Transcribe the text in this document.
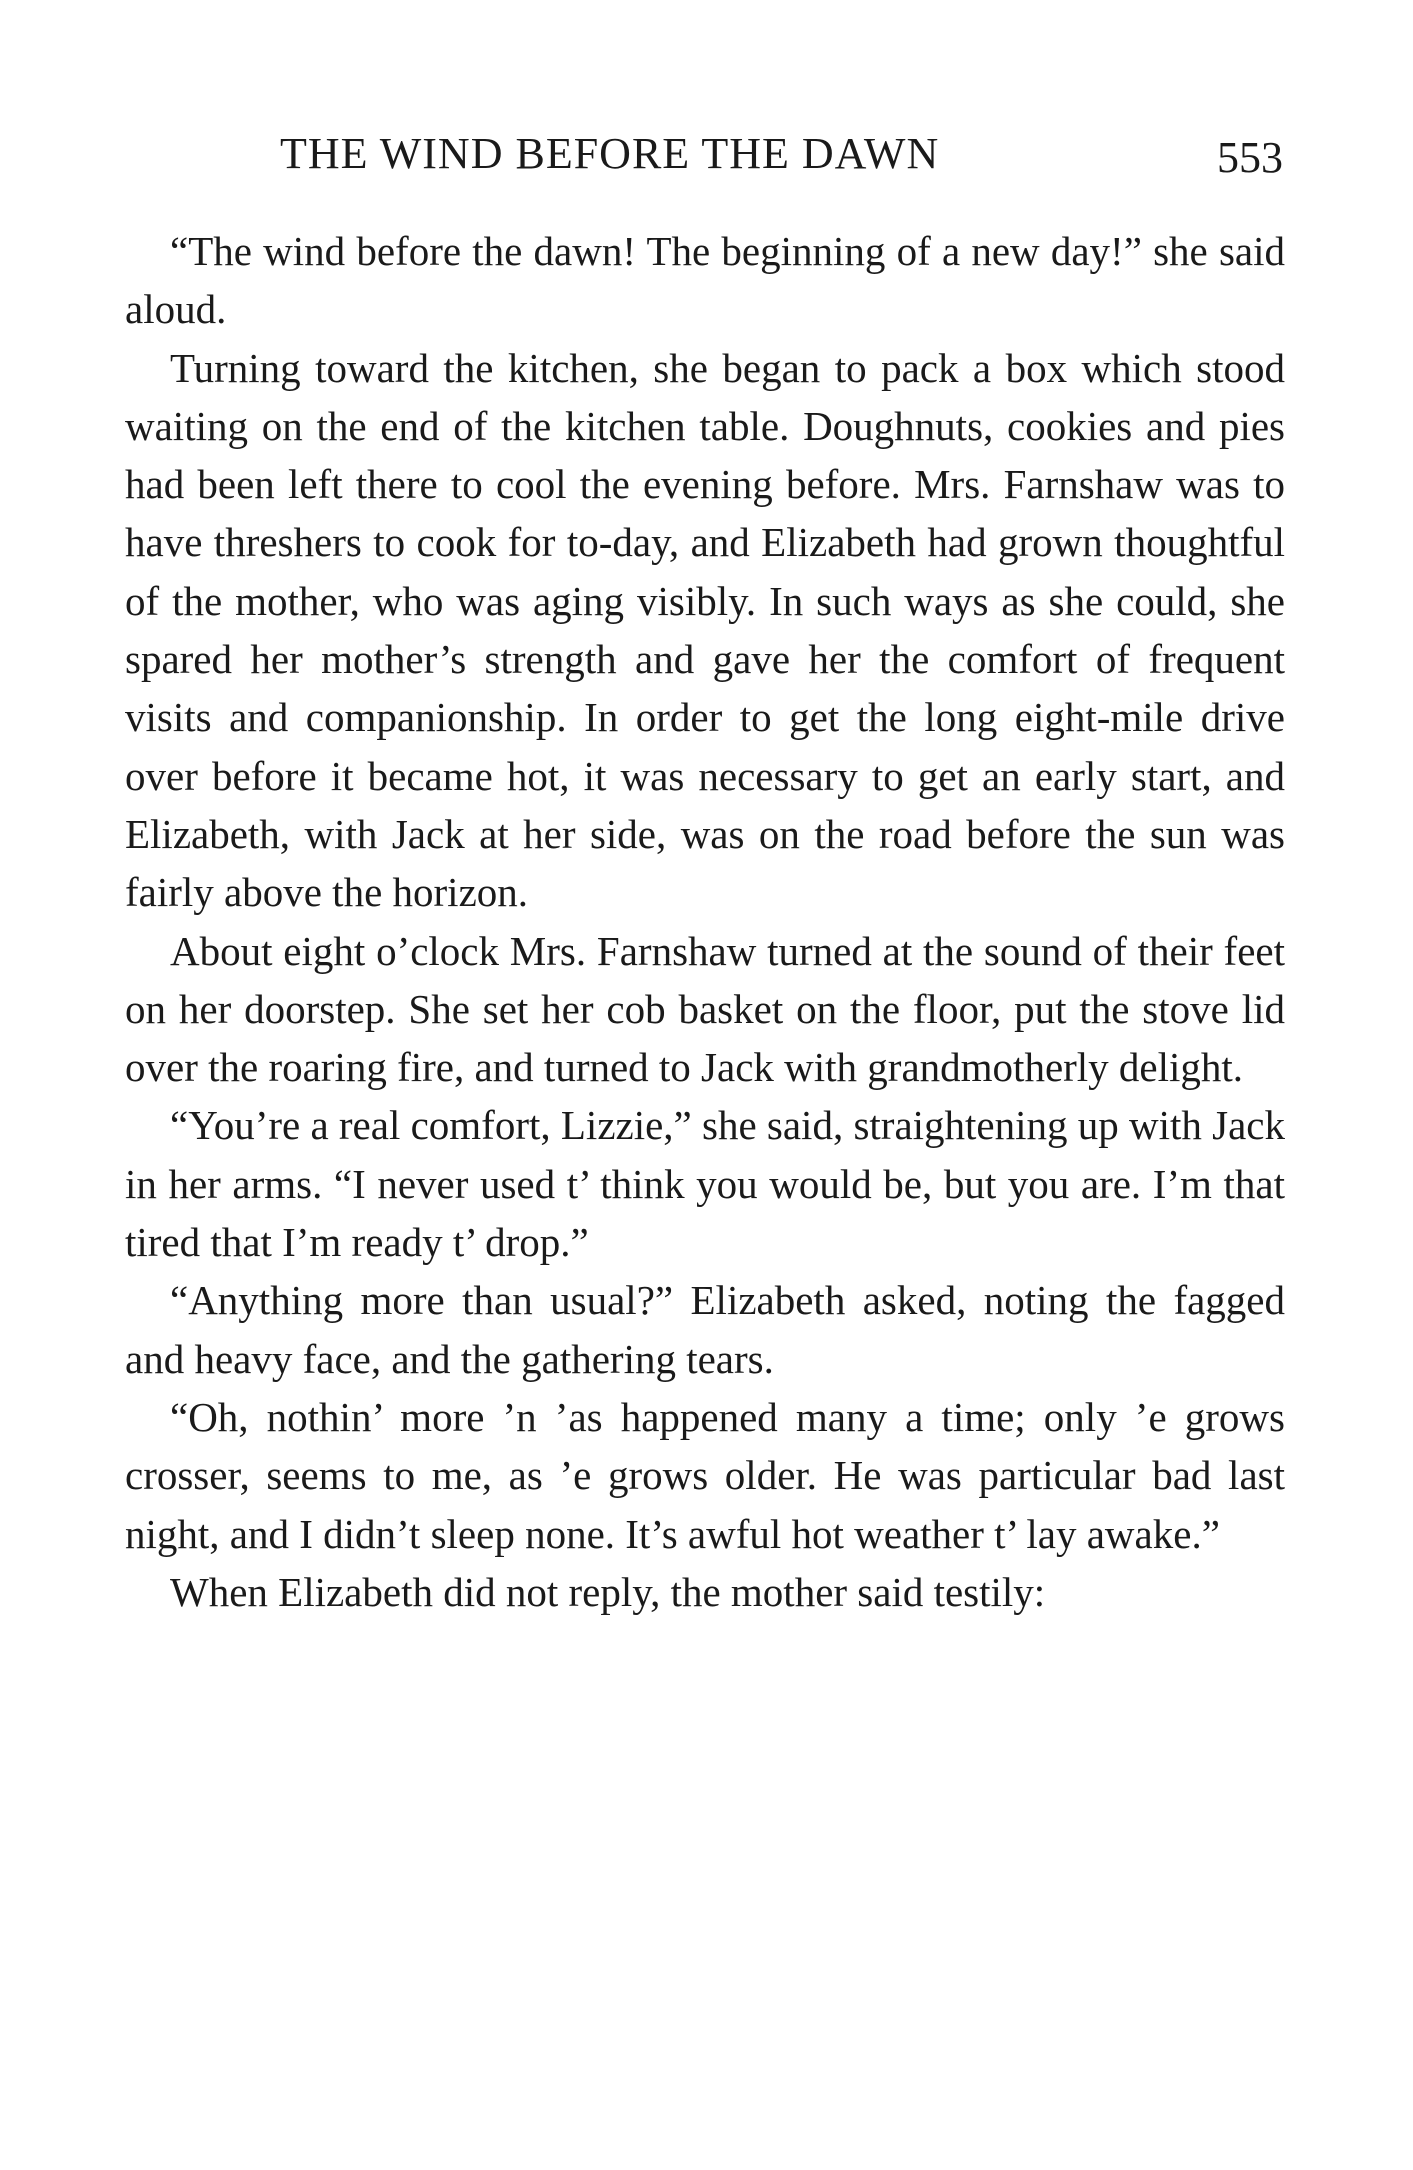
THE WIND BEFORE THE DAWN	553

“The wind before the dawn! The beginning of a new day!” she said aloud.

Turning toward the kitchen, she began to pack a box which stood waiting on the end of the kitchen table. Doughnuts, cookies and pies had been left there to cool the evening before. Mrs. Farnshaw was to have threshers to cook for to-day, and Elizabeth had grown thoughtful of the mother, who was aging visibly. In such ways as she could, she spared her mother’s strength and gave her the comfort of frequent visits and companionship. In order to get the long eight-mile drive over before it became hot, it was necessary to get an early start, and Elizabeth, with Jack at her side, was on the road before the sun was fairly above the horizon.

About eight o’clock Mrs. Farnshaw turned at the sound of their feet on her doorstep. She set her cob basket on the floor, put the stove lid over the roaring fire, and turned to Jack with grandmotherly delight.

“You’re a real comfort, Lizzie,” she said, straightening up with Jack in her arms. “I never used t’ think you would be, but you are. I’m that tired that I’m ready t’ drop.”

“Anything more than usual?” Elizabeth asked, noting the fagged and heavy face, and the gathering tears.

“Oh, nothin’ more ’n ’as happened many a time; only ’e grows crosser, seems to me, as ’e grows older. He was particular bad last night, and I didn’t sleep none. It’s awful hot weather t’ lay awake.”

When Elizabeth did not reply, the mother said testily:
